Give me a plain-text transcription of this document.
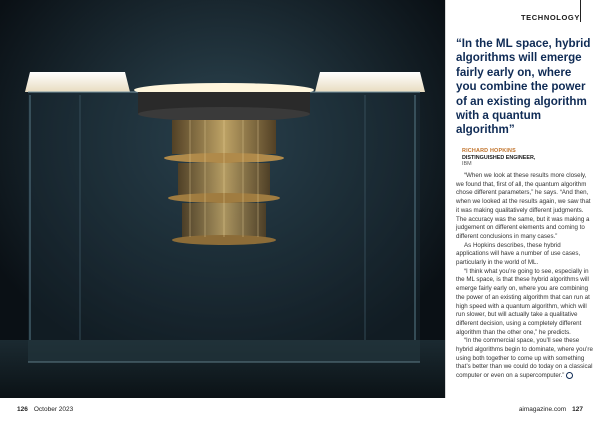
TECHNOLOGY
“In the ML space, hybrid algorithms will emerge fairly early on, where you combine the power of an existing algorithm with a quantum algorithm”
RICHARD HOPKINS
DISTINGUISHED ENGINEER,
IBM

“When we look at these results more closely, we found that, first of all, the quantum algorithm chose different parameters,” he says. “And then, when we looked at the results again, we saw that it was making qualitatively different judgments. The accuracy was the same, but it was making a judgement on different elements and coming to different conclusions in many cases.”

As Hopkins describes, these hybrid applications will have a number of use cases, particularly in the world of ML.

“I think what you’re going to see, especially in the ML space, is that these hybrid algorithms will emerge fairly early on, where you are combining the power of an existing algorithm that can run at high speed with a quantum algorithm, which will run slower, but will actually take a qualitative different decision, using a completely different algorithm than the other one,” he predicts.

“In the commercial space, you’ll see these hybrid algorithms begin to dominate, where you’re using both together to come up with something that’s better than we could do today on a classical computer or even on a supercomputer.”

126 October 2023	aimagazine.com 127
